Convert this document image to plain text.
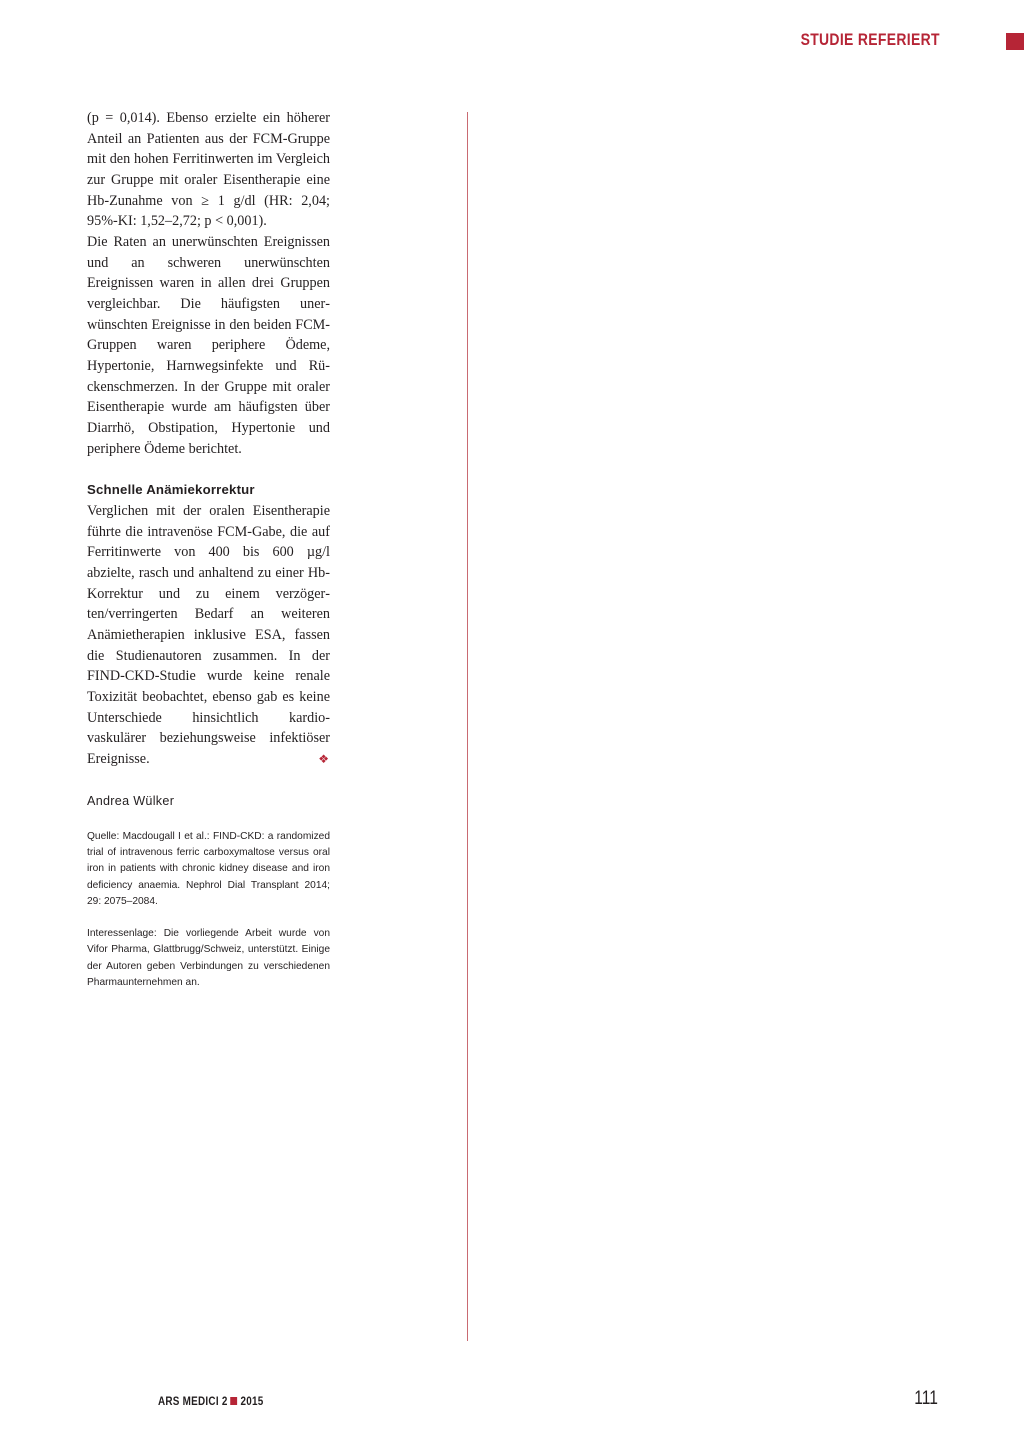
STUDIE REFERIERT

(p = 0,014). Ebenso erzielte ein höherer Anteil an Patienten aus der FCM-Gruppe mit den hohen Ferritinwerten im Vergleich zur Gruppe mit oraler Eisentherapie eine Hb-Zunahme von ≥ 1 g/dl (HR: 2,04; 95%-KI: 1,52–2,72; p < 0,001).

Die Raten an unerwünschten Ereignissen und an schweren unerwünschten Ereignissen waren in allen drei Gruppen vergleichbar. Die häufigsten unerwünschten Ereignisse in den beiden FCM-Gruppen waren periphere Ödeme, Hypertonie, Harnwegsinfekte und Rückenschmerzen. In der Gruppe mit oraler Eisentherapie wurde am häufigsten über Diarrhö, Obstipation, Hypertonie und periphere Ödeme berichtet.

Schnelle Anämiekorrektur

Verglichen mit der oralen Eisentherapie führte die intravenöse FCM-Gabe, die auf Ferritinwerte von 400 bis 600 µg/l abzielte, rasch und anhaltend zu einer Hb-Korrektur und zu einem verzögerten/verringerten Bedarf an weiteren Anämietherapien inklusive ESA, fassen die Studienautoren zusammen. In der FIND-CKD-Studie wurde keine renale Toxizität beobachtet, ebenso gab es keine Unterschiede hinsichtlich kardiovaskulärer beziehungsweise infektiöser Ereignisse.	❖

Andrea Wülker

Quelle: Macdougall I et al.: FIND-CKD: a randomized trial of intravenous ferric carboxymaltose versus oral iron in patients with chronic kidney disease and iron deficiency anaemia. Nephrol Dial Transplant 2014; 29: 2075–2084.

Interessenlage: Die vorliegende Arbeit wurde von Vifor Pharma, Glattbrugg/Schweiz, unterstützt. Einige der Autoren geben Verbindungen zu verschiedenen Pharmaunternehmen an.

ARS MEDICI 2 2015	111
